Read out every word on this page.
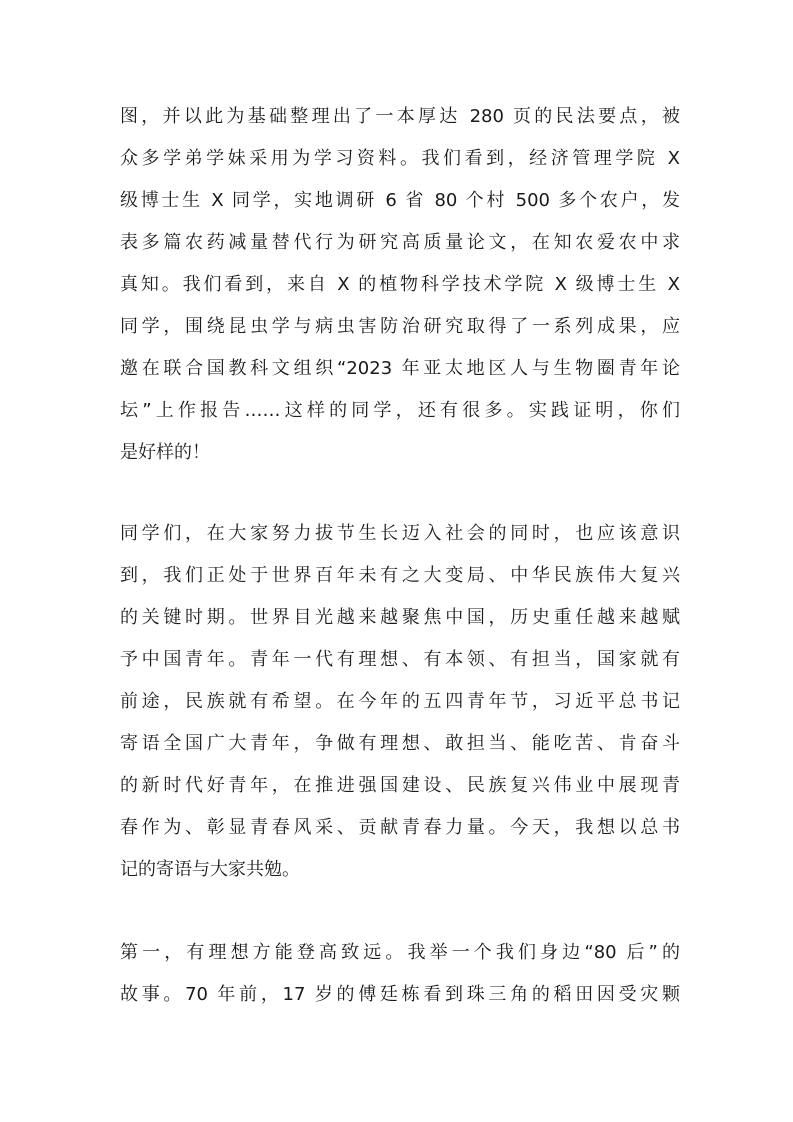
图，并以此为基础整理出了一本厚达 280 页的民法要点，被
众多学弟学妹采用为学习资料。我们看到，经济管理学院 X
级博士生 X 同学，实地调研 6 省 80 个村 500 多个农户，发
表多篇农药减量替代行为研究高质量论文，在知农爱农中求
真知。我们看到，来自 X 的植物科学技术学院 X 级博士生 X
同学，围绕昆虫学与病虫害防治研究取得了一系列成果，应
邀在联合国教科文组织“2023 年亚太地区人与生物圈青年论
坛”上作报告……这样的同学，还有很多。实践证明，你们
是好样的！
同学们，在大家努力拔节生长迈入社会的同时，也应该意识
到，我们正处于世界百年未有之大变局、中华民族伟大复兴
的关键时期。世界目光越来越聚焦中国，历史重任越来越赋
予中国青年。青年一代有理想、有本领、有担当，国家就有
前途，民族就有希望。在今年的五四青年节，习近平总书记
寄语全国广大青年，争做有理想、敢担当、能吃苦、肯奋斗
的新时代好青年，在推进强国建设、民族复兴伟业中展现青
春作为、彰显青春风采、贡献青春力量。今天，我想以总书
记的寄语与大家共勉。
第一，有理想方能登高致远。我举一个我们身边“80 后”的
故事。70 年前，17 岁的傅廷栋看到珠三角的稻田因受灾颗
